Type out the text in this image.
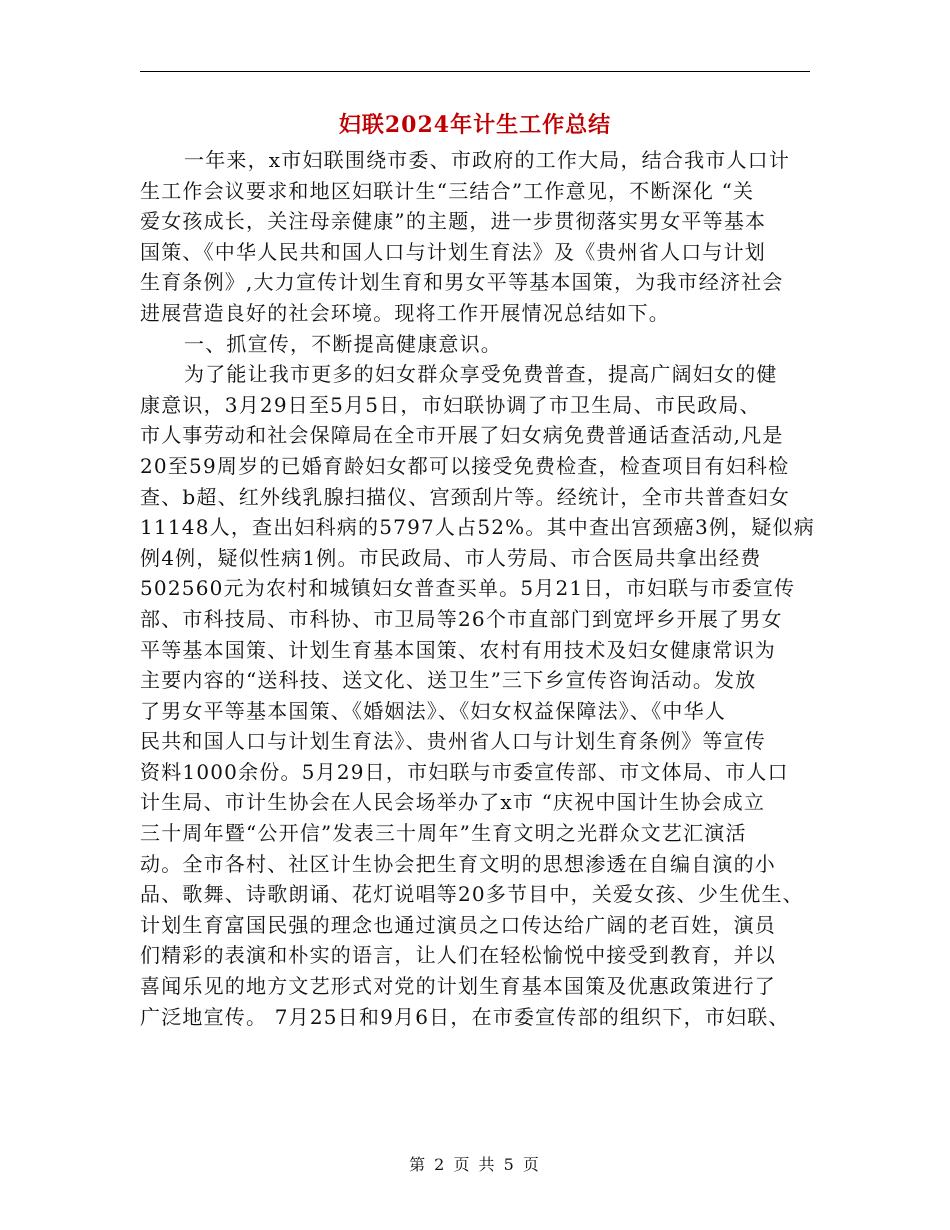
妇联2024年计生工作总结
一年来，x市妇联围绕市委、市政府的工作大局，结合我市人口计
生工作会议要求和地区妇联计生“三结合”工作意见，不断深化 “关
爱女孩成长，关注母亲健康”的主题，进一步贯彻落实男女平等基本
国策、《中华人民共和国人口与计划生育法》及《贵州省人口与计划
生育条例》,大力宣传计划生育和男女平等基本国策，为我市经济社会
进展营造良好的社会环境。现将工作开展情况总结如下。
一、抓宣传，不断提高健康意识。
为了能让我市更多的妇女群众享受免费普查，提高广阔妇女的健
康意识，3月29日至5月5日，市妇联协调了市卫生局、市民政局、
市人事劳动和社会保障局在全市开展了妇女病免费普通话查活动,凡是
20至59周岁的已婚育龄妇女都可以接受免费检查，检查项目有妇科检
查、b超、红外线乳腺扫描仪、宫颈刮片等。经统计，全市共普查妇女
11148人，查出妇科病的5797人占52%。其中查出宫颈癌3例，疑似病
例4例，疑似性病1例。市民政局、市人劳局、市合医局共拿出经费
502560元为农村和城镇妇女普查买单。5月21日，市妇联与市委宣传
部、市科技局、市科协、市卫局等26个市直部门到宽坪乡开展了男女
平等基本国策、计划生育基本国策、农村有用技术及妇女健康常识为
主要内容的“送科技、送文化、送卫生”三下乡宣传咨询活动。发放
了男女平等基本国策、《婚姻法》、《妇女权益保障法》、《中华人
民共和国人口与计划生育法》、贵州省人口与计划生育条例》等宣传
资料1000余份。5月29日，市妇联与市委宣传部、市文体局、市人口
计生局、市计生协会在人民会场举办了x市 “庆祝中国计生协会成立
三十周年暨“公开信”发表三十周年”生育文明之光群众文艺汇演活
动。全市各村、社区计生协会把生育文明的思想渗透在自编自演的小
品、歌舞、诗歌朗诵、花灯说唱等20多节目中，关爱女孩、少生优生、
计划生育富国民强的理念也通过演员之口传达给广阔的老百姓，演员
们精彩的表演和朴实的语言，让人们在轻松愉悦中接受到教育，并以
喜闻乐见的地方文艺形式对党的计划生育基本国策及优惠政策进行了
广泛地宣传。 7月25日和9月6日，在市委宣传部的组织下，市妇联、
第 2 页 共 5 页
